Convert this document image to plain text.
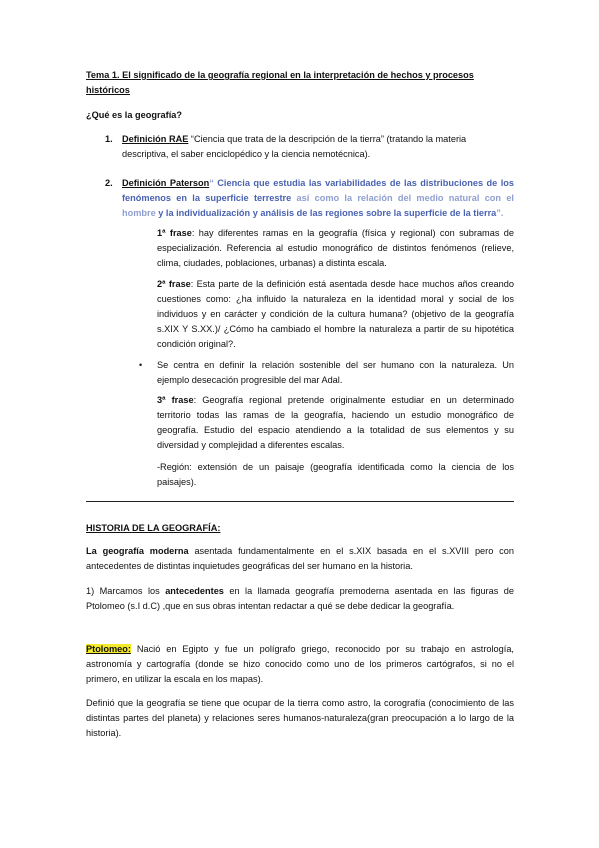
Tema 1. El significado de la geografía regional en la interpretación de hechos y procesos históricos

¿Qué es la geografía?

1. Definición RAE “Ciencia que trata de la descripción de la tierra” (tratando la materia descriptiva, el saber enciclopédico y la ciencia nemotécnica).

2. Definición Paterson“ Ciencia que estudia las variabilidades de las distribuciones de los fenómenos en la superficie terrestre así como la relación del medio natural con el hombre y la individualización y análisis de las regiones sobre la superficie de la tierra”.

1ª frase: hay diferentes ramas en la geografía (física y regional) con subramas de especialización. Referencia al estudio monográfico de distintos fenómenos (relieve, clima, ciudades, poblaciones, urbanas) a distinta escala.

2ª frase: Esta parte de la definición está asentada desde hace muchos años creando cuestiones como: ¿ha influido la naturaleza en la identidad moral y social de los individuos y en carácter y condición de la cultura humana? (objetivo de la geografía s.XIX Y S.XX.)/ ¿Cómo ha cambiado el hombre la naturaleza a partir de su hipotética condición original?.

• Se centra en definir la relación sostenible del ser humano con la naturaleza. Un ejemplo desecación progresible del mar Adal.

3ª frase: Geografía regional pretende originalmente estudiar en un determinado territorio todas las ramas de la geografía, haciendo un estudio monográfico de geografía. Estudio del espacio atendiendo a la totalidad de sus elementos y su diversidad y complejidad a diferentes escalas.

-Región: extensión de un paisaje (geografía identificada como la ciencia de los paisajes).

HISTORIA DE LA GEOGRAFÍA:

La geografía moderna asentada fundamentalmente en el s.XIX basada en el s.XVIII pero con antecedentes de distintas inquietudes geográficas del ser humano en la historia.

1) Marcamos los antecedentes en la llamada geografía premoderna asentada en las figuras de Ptolomeo (s.I d.C) ,que en sus obras intentan redactar a qué se debe dedicar la geografía.

Ptolomeo: Nació en Egipto y fue un polígrafo griego, reconocido por su trabajo en astrología, astronomía y cartografía (donde se hizo conocido como uno de los primeros cartógrafos, si no el primero, en utilizar la escala en los mapas).

Definió que la geografía se tiene que ocupar de la tierra como astro, la corografía (conocimiento de las distintas partes del planeta) y relaciones seres humanos-naturaleza(gran preocupación a lo largo de la historia).
